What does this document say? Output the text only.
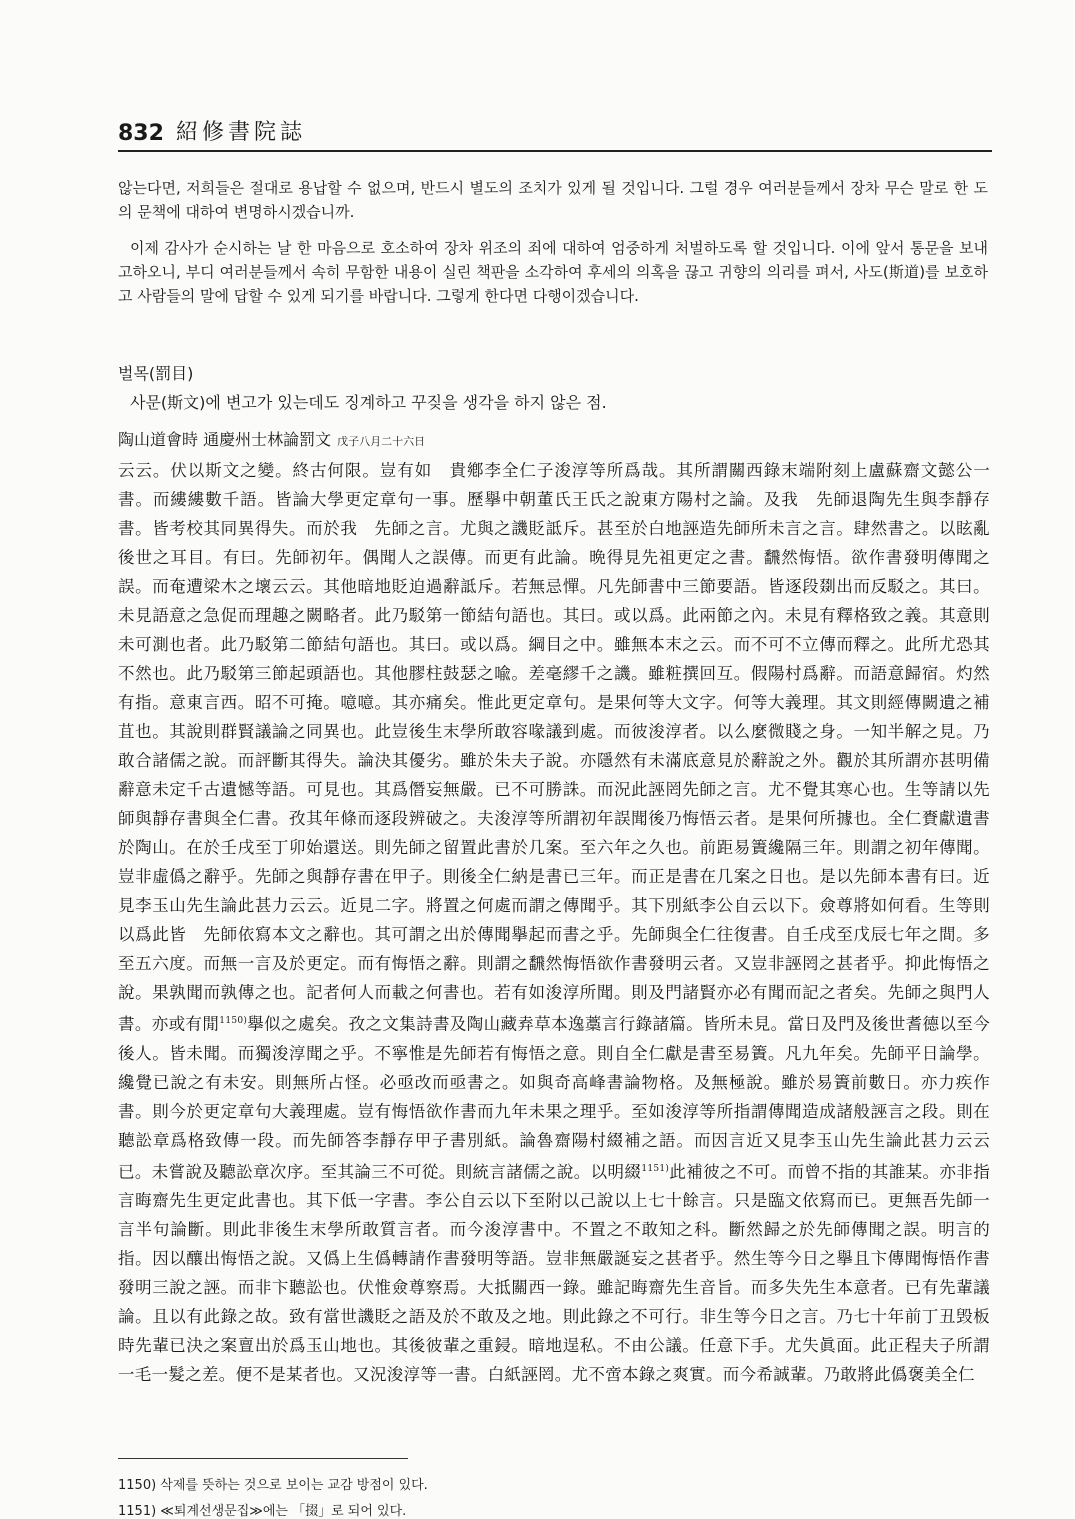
832 紹修書院誌

않는다면, 저희들은 절대로 용납할 수 없으며, 반드시 별도의 조치가 있게 될 것입니다. 그럴 경우 여러분들께서 장차 무슨 말로 한 도의 문책에 대하여 변명하시겠습니까.

이제 감사가 순시하는 날 한 마음으로 호소하여 장차 위조의 죄에 대하여 엄중하게 처벌하도록 할 것입니다. 이에 앞서 통문을 보내 고하오니, 부디 여러분들께서 속히 무함한 내용이 실린 책판을 소각하여 후세의 의혹을 끊고 귀향의 의리를 펴서, 사도(斯道)를 보호하고 사람들의 말에 답할 수 있게 되기를 바랍니다. 그렇게 한다면 다행이겠습니다.

벌목(罰目)

사문(斯文)에 변고가 있는데도 징계하고 꾸짖을 생각을 하지 않은 점.

陶山道會時 通慶州士林論罰文 戊子八月二十六日

云云。伏以斯文之變。終古何限。豈有如　貴鄕李全仁子浚淳等所爲哉。其所謂關西錄末端附刻上盧蘇齋文懿公一書。而縷縷數千語。皆論大學更定章句一事。歷擧中朝董氏王氏之說東方陽村之論。及我　先師退陶先生與李靜存書。皆考校其同異得失。而於我　先師之言。尤與之譏貶詆斥。甚至於白地誣造先師所未言之言。肆然書之。以眩亂後世之耳目。有曰。先師初年。偶聞人之誤傳。而更有此論。晩得見先祖更定之書。飜然悔悟。欲作書發明傳聞之誤。而奄遭梁木之壞云云。其他暗地貶迫過辭詆斥。若無忌憚。凡先師書中三節要語。皆逐段剟出而反駁之。其曰。未見語意之急促而理趣之闕略者。此乃駁第一節結句語也。其曰。或以爲。此兩節之內。未見有釋格致之義。其意則未可測也者。此乃駁第二節結句語也。其曰。或以爲。綱目之中。雖無本末之云。而不可不立傳而釋之。此所尤恐其不然也。此乃駁第三節起頭語也。其他膠柱鼓瑟之喩。差毫繆千之譏。雖粧撰回互。假陽村爲辭。而語意歸宿。灼然有指。意東言西。昭不可掩。噫噫。其亦痛矣。惟此更定章句。是果何等大文字。何等大義理。其文則經傳闕遺之補苴也。其說則群賢議論之同異也。此豈後生末學所敢容喙議到處。而彼浚淳者。以么麼微賤之身。一知半解之見。乃敢合諸儒之說。而評斷其得失。論決其優劣。雖於朱夫子說。亦隱然有未滿底意見於辭說之外。觀於其所謂亦甚明備辭意未定千古遺憾等語。可見也。其爲僭妄無嚴。已不可勝誅。而況此誣罔先師之言。尤不覺其寒心也。生等請以先師與靜存書與全仁書。孜其年條而逐段辨破之。夫浚淳等所謂初年誤聞後乃悔悟云者。是果何所據也。全仁賚獻遺書於陶山。在於壬戌至丁卯始還送。則先師之留置此書於几案。至六年之久也。前距易簀纔隔三年。則謂之初年傳聞。豈非虛僞之辭乎。先師之與靜存書在甲子。則後全仁納是書已三年。而正是書在几案之日也。是以先師本書有曰。近見李玉山先生論此甚力云云。近見二字。將置之何處而謂之傳聞乎。其下別紙李公自云以下。僉尊將如何看。生等則以爲此皆　先師依寫本文之辭也。其可謂之出於傳聞擧起而書之乎。先師與全仁往復書。自壬戌至戊辰七年之間。多至五六度。而無一言及於更定。而有悔悟之辭。則謂之飜然悔悟欲作書發明云者。又豈非誣罔之甚者乎。抑此悔悟之說。果孰聞而孰傳之也。記者何人而載之何書也。若有如浚淳所聞。則及門諸賢亦必有聞而記之者矣。先師之與門人書。亦或有閒$^{1150)}$擧似之處矣。孜之文集詩書及陶山藏弆草本逸藁言行錄諸篇。皆所未見。當日及門及後世耆德以至今後人。皆未聞。而獨浚淳聞之乎。不寧惟是先師若有悔悟之意。則自全仁獻是書至易簀。凡九年矣。先師平日論學。纔覺已說之有未安。則無所占怪。必亟改而亟書之。如與奇高峰書論物格。及無極說。雖於易簀前數日。亦力疾作書。則今於更定章句大義理處。豈有悔悟欲作書而九年未果之理乎。至如浚淳等所指謂傳聞造成諸般誣言之段。則在聽訟章爲格致傳一段。而先師答李靜存甲子書別紙。論魯齋陽村綴補之語。而因言近又見李玉山先生論此甚力云云已。未嘗說及聽訟章次序。至其論三不可從。則統言諸儒之說。以明綴$^{1151)}$此補彼之不可。而曾不指的其誰某。亦非指言晦齋先生更定此書也。其下低一字書。李公自云以下至附以己說以上七十餘言。只是臨文依寫而已。更無吾先師一言半句論斷。則此非後生末學所敢質言者。而今浚淳書中。不置之不敢知之科。斷然歸之於先師傳聞之誤。明言的指。因以釀出悔悟之說。又僞上生僞轉請作書發明等語。豈非無嚴誕妄之甚者乎。然生等今日之擧且卞傳聞悔悟作書發明三說之誣。而非卞聽訟也。伏惟僉尊察焉。大抵關西一錄。雖記晦齋先生音旨。而多失先生本意者。已有先輩議論。且以有此錄之故。致有當世譏貶之語及於不敢及之地。則此錄之不可行。非生等今日之言。乃七十年前丁丑毁板時先輩已決之案亶出於爲玉山地也。其後彼輩之重鋟。暗地逞私。不由公議。任意下手。尤失眞面。此正程夫子所謂一毛一髮之差。便不是某者也。又況浚淳等一書。白紙誣罔。尤不啻本錄之爽實。而今希誠輩。乃敢將此僞褒美全仁

1150) 삭제를 뜻하는 것으로 보이는 교감 방점이 있다.

1151) ≪퇴계선생문집≫에는 「掇」로 되어 있다.
